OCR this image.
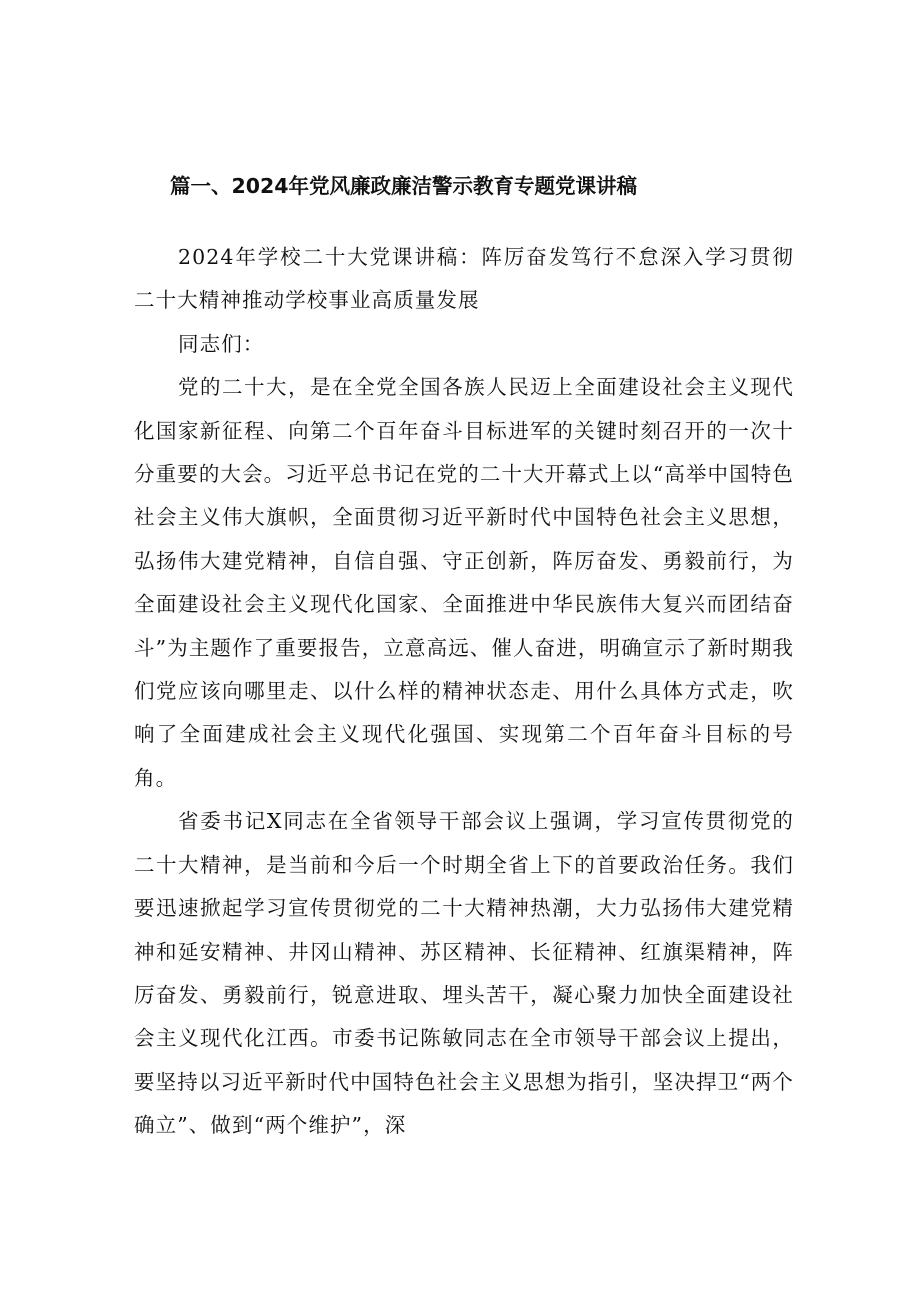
篇一、2024年党风廉政廉洁警示教育专题党课讲稿

2024年学校二十大党课讲稿：阵厉奋发笃行不怠深入学习贯彻二十大精神推动学校事业高质量发展

同志们：

党的二十大，是在全党全国各族人民迈上全面建设社会主义现代化国家新征程、向第二个百年奋斗目标进军的关键时刻召开的一次十分重要的大会。习近平总书记在党的二十大开幕式上以“高举中国特色社会主义伟大旗帜，全面贯彻习近平新时代中国特色社会主义思想，弘扬伟大建党精神，自信自强、守正创新，阵厉奋发、勇毅前行，为全面建设社会主义现代化国家、全面推进中华民族伟大复兴而团结奋斗”为主题作了重要报告，立意高远、催人奋进，明确宣示了新时期我们党应该向哪里走、以什么样的精神状态走、用什么具体方式走，吹响了全面建成社会主义现代化强国、实现第二个百年奋斗目标的号角。

省委书记X同志在全省领导干部会议上强调，学习宣传贯彻党的二十大精神，是当前和今后一个时期全省上下的首要政治任务。我们要迅速掀起学习宣传贯彻党的二十大精神热潮，大力弘扬伟大建党精神和延安精神、井冈山精神、苏区精神、长征精神、红旗渠精神，阵厉奋发、勇毅前行，锐意进取、埋头苦干，凝心聚力加快全面建设社会主义现代化江西。市委书记陈敏同志在全市领导干部会议上提出，要坚持以习近平新时代中国特色社会主义思想为指引，坚决捍卫“两个确立”、做到“两个维护”，深
